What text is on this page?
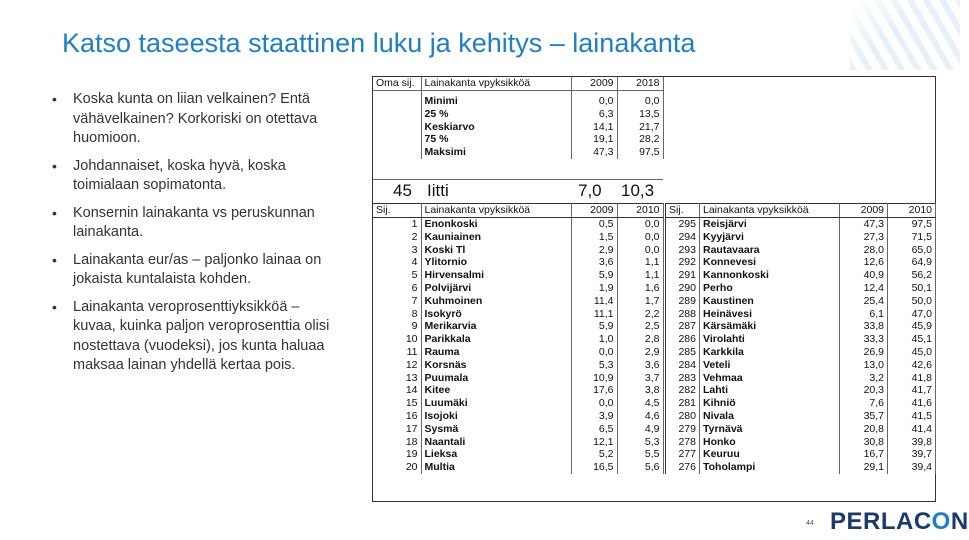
Katso taseesta staattinen luku ja kehitys – lainakanta
• Koska kunta on liian velkainen? Entä vähävelkainen? Korkoriski on otettava huomioon.
• Johdannaiset, koska hyvä, koska toimialaan sopimatonta.
• Konsernin lainakanta vs peruskunnan lainakanta.
• Lainakanta eur/as – paljonko lainaa on jokaista kuntalaista kohden.
• Lainakanta veroprosenttiyksikköä – kuvaa, kuinka paljon veroprosenttia olisi nostettava (vuodeksi), jos kunta haluaa maksaa lainan yhdellä kertaa pois.
Oma sij.	Lainakanta vpyksikköä	2009	2018
	Minimi	0,0	0,0
	25 %	6,3	13,5
	Keskiarvo	14,1	21,7
	75 %	19,1	28,2
	Maksimi	47,3	97,5
45 Iitti	7,0 10,3
Sij.	Lainakanta vpyksikköä	2009	2010
1	Enonkoski	0,5	0,0
2	Kauniainen	1,5	0,0
3	Koski Tl	2,9	0,0
4	Ylitornio	3,6	1,1
5	Hirvensalmi	5,9	1,1
6	Polvijärvi	1,9	1,6
7	Kuhmoinen	11,4	1,7
8	Isokyrö	11,1	2,2
9	Merikarvia	5,9	2,5
10	Parikkala	1,0	2,8
11	Rauma	0,0	2,9
12	Korsnäs	5,3	3,6
13	Puumala	10,9	3,7
14	Kitee	17,6	3,8
15	Luumäki	0,0	4,5
16	Isojoki	3,9	4,6
17	Sysmä	6,5	4,9
18	Naantali	12,1	5,3
19	Lieksa	5,2	5,5
20	Multia	16,5	5,6
Sij.	Lainakanta vpyksikköä	2009	2010
295	Reisjärvi	47,3	97,5
294	Kyyjärvi	27,3	71,5
293	Rautavaara	28,0	65,0
292	Konnevesi	12,6	64,9
291	Kannonkoski	40,9	56,2
290	Perho	12,4	50,1
289	Kaustinen	25,4	50,0
288	Heinävesi	6,1	47,0
287	Kärsämäki	33,8	45,9
286	Virolahti	33,3	45,1
285	Karkkila	26,9	45,0
284	Veteli	13,0	42,6
283	Vehmaa	3,2	41,8
282	Lahti	20,3	41,7
281	Kihniö	7,6	41,6
280	Nivala	35,7	41,5
279	Tyrnävä	20,8	41,4
278	Honko	30,8	39,8
277	Keuruu	16,7	39,7
276	Toholampi	29,1	39,4
44 PERLACON
